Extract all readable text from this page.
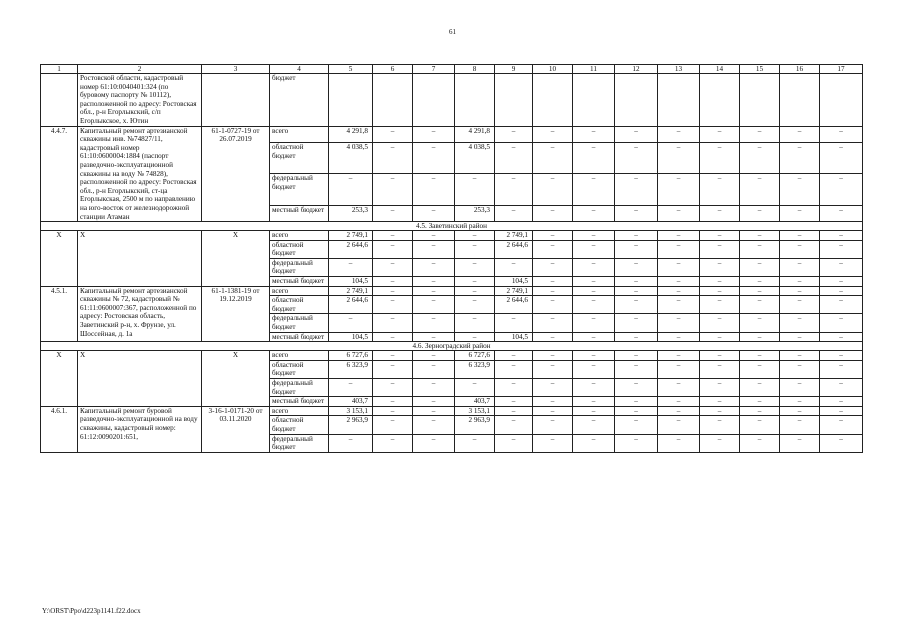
61
1	2	3	4	5	6	7	8	9	10	11	12	13	14	15	16	17
	Ростовской области, кадастровый номер 61:10:0040401:324 (по буровому паспорту № 10112), расположенной по адресу: Ростовская обл., р-н Егорлыкский, с/п Егорлыкское, х. Ютин		бюджет													
4.4.7.	Капитальный ремонт артезианской скважины инв. №74827/11, кадастровый номер 61:10:0600004:1884 (паспорт разведочно-эксплуатационной скважины на воду № 74828), расположенной по адресу: Ростовская обл., р-н Егорлыкский, ст-ца Егорлыкская, 2500 м по направлению на юго-восток от железнодорожной станции Атаман	61-1-0727-19 от 26.07.2019	всего	4 291,8	–	–	4 291,8	–	–	–	–	–	–	–	–	–
			областной бюджет	4 038,5	–	–	4 038,5	–	–	–	–	–	–	–	–	–
			федеральный бюджет	–	–	–	–	–	–	–	–	–	–	–	–	–
			местный бюджет	253,3	–	–	253,3	–	–	–	–	–	–	–	–	–
4.5. Заветинский район																
Х	Х	Х	всего	2 749,1	–	–	–	2 749,1	–	–	–	–	–	–	–	–
			областной бюджет	2 644,6	–	–	–	2 644,6	–	–	–	–	–	–	–	–
			федеральный бюджет	–	–	–	–	–	–	–	–	–	–	–	–	–
			местный бюджет	104,5	–	–	–	104,5	–	–	–	–	–	–	–	–
4.5.1.	Капитальный ремонт артезианской скважины № 72, кадастровый № 61:11:0600007:367, расположенной по адресу: Ростовская область, Заветинский р-н, х. Фрунзе, ул. Шоссейная, д. 1а	61-1-1381-19 от 19.12.2019	всего	2 749,1	–	–	–	2 749,1	–	–	–	–	–	–	–	–
			областной бюджет	2 644,6	–	–	–	2 644,6	–	–	–	–	–	–	–	–
			федеральный бюджет	–	–	–	–	–	–	–	–	–	–	–	–	–
			местный бюджет	104,5	–	–	–	104,5	–	–	–	–	–	–	–	–
4.6. Зерноградский район																
Х	Х	Х	всего	6 727,6	–	–	6 727,6	–	–	–	–	–	–	–	–	–
			областной бюджет	6 323,9	–	–	6 323,9	–	–	–	–	–	–	–	–	–
			федеральный бюджет	–	–	–	–	–	–	–	–	–	–	–	–	–
			местный бюджет	403,7	–	–	403,7	–	–	–	–	–	–	–	–	–
4.6.1.	Капитальный ремонт буровой разведочно-эксплуатационной на воду скважины, кадастровый номер: 61:12:0090201:651,	3-16-1-0171-20 от 03.11.2020	всего	3 153,1	–	–	3 153,1	–	–	–	–	–	–	–	–	–
			областной бюджет	2 963,9	–	–	2 963,9	–	–	–	–	–	–	–	–	–
			федеральный бюджет	–	–	–	–	–	–	–	–	–	–	–	–	–
Y:\ORST\Ppo\d223p1141.f22.docx
